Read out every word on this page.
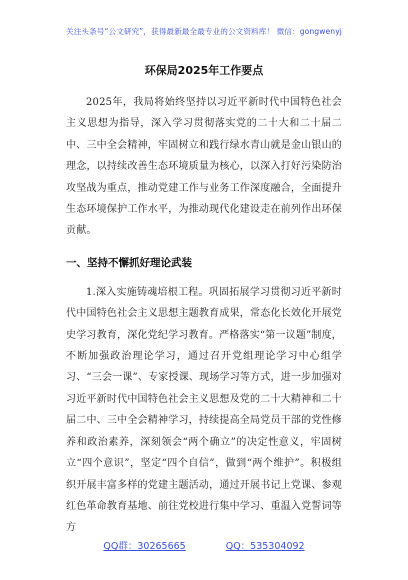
关注头条号“公文研究”，获得最新最全最专业的公文资料库！ 微信：gongwenyj
环保局2025年工作要点

2025年，我局将始终坚持以习近平新时代中国特色社会主义思想为指导，深入学习贯彻落实党的二十大和二十届二中、三中全会精神，牢固树立和践行绿水青山就是金山银山的理念，以持续改善生态环境质量为核心，以深入打好污染防治攻坚战为重点，推动党建工作与业务工作深度融合，全面提升生态环境保护工作水平，为推动现代化建设走在前列作出环保贡献。

一、坚持不懈抓好理论武装

1.深入实施铸魂培根工程。巩固拓展学习贯彻习近平新时代中国特色社会主义思想主题教育成果，常态化长效化开展党史学习教育，深化党纪学习教育。严格落实“第一议题”制度，不断加强政治理论学习，通过召开党组理论学习中心组学习、“三会一课”、专家授课、现场学习等方式，进一步加强对习近平新时代中国特色社会主义思想及党的二十大精神和二十届二中、三中全会精神学习，持续提高全局党员干部的党性修养和政治素养，深刻领会“两个确立”的决定性意义，牢固树立“四个意识”，坚定“四个自信”，做到“两个维护”。积极组织开展丰富多样的党建主题活动，通过开展书记上党课、参观红色革命教育基地、前往党校进行集中学习、重温入党誓词等方

QQ群：30265665	QQ：535304092
